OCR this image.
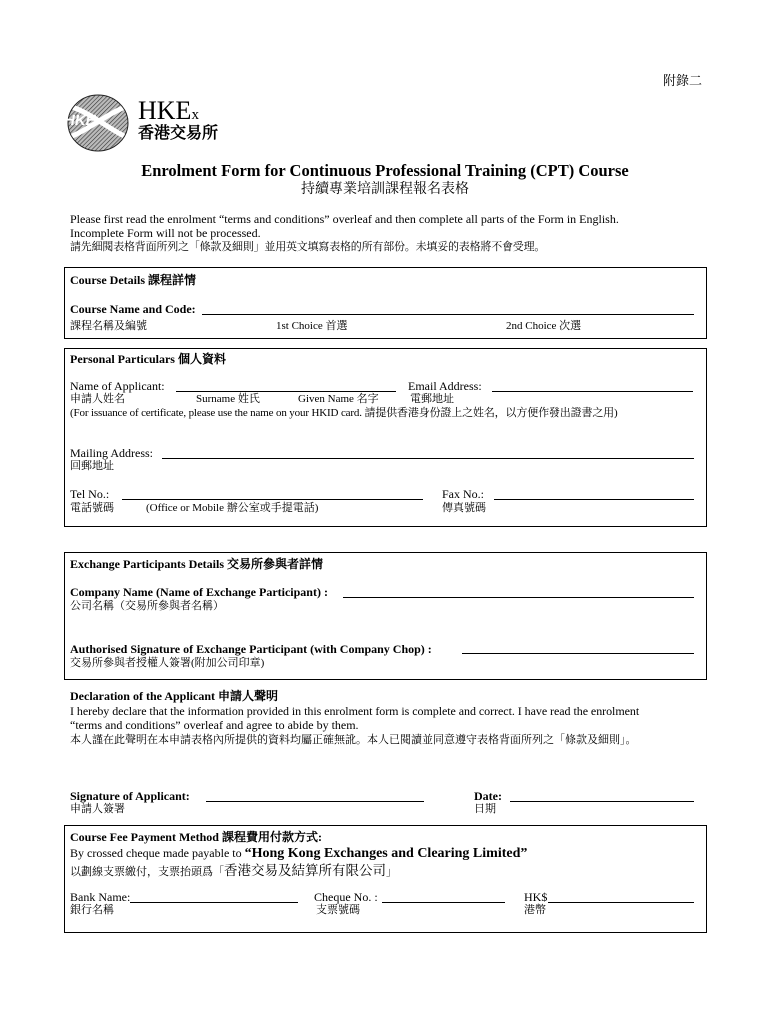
附錄二
HKE HKEx
香港交易所
Enrolment Form for Continuous Professional Training (CPT) Course
持續專業培訓課程報名表格
Please first read the enrolment “terms and conditions” overleaf and then complete all parts of the Form in English.
Incomplete Form will not be processed.
請先細閱表格背面所列之「條款及細則」並用英文填寫表格的所有部份。未填妥的表格將不會受理。
Course Details 課程詳情
Course Name and Code:
課程名稱及編號	1st Choice 首選	2nd Choice 次選
Personal Particulars 個人資料
Name of Applicant:	Email Address:
申請人姓名	Surname 姓氏	Given Name 名字	電郵地址
(For issuance of certificate, please use the name on your HKID card. 請提供香港身份證上之姓名，以方便作發出證書之用)
Mailing Address:
回郵地址
Tel No.:	Fax No.:
電話號碼	(Office or Mobile 辦公室或手提電話)	傳真號碼
Exchange Participants Details 交易所參與者詳情
Company Name (Name of Exchange Participant) :
公司名稱（交易所參與者名稱）
Authorised Signature of Exchange Participant (with Company Chop) :
交易所參與者授權人簽署(附加公司印章)
Declaration of the Applicant 申請人聲明
I hereby declare that the information provided in this enrolment form is complete and correct. I have read the enrolment
“terms and conditions” overleaf and agree to abide by them.
本人謹在此聲明在本申請表格內所提供的資料均屬正確無訛。本人已閱讀並同意遵守表格背面所列之「條款及細則」。
Signature of Applicant:
申請人簽署
Date:
日期
Course Fee Payment Method 課程費用付款方式:
By crossed cheque made payable to “Hong Kong Exchanges and Clearing Limited”
以劃線支票繳付，支票抬頭爲「香港交易及結算所有限公司」
Bank Name:
銀行名稱
Cheque No. :
支票號碼
HK$
港幣
